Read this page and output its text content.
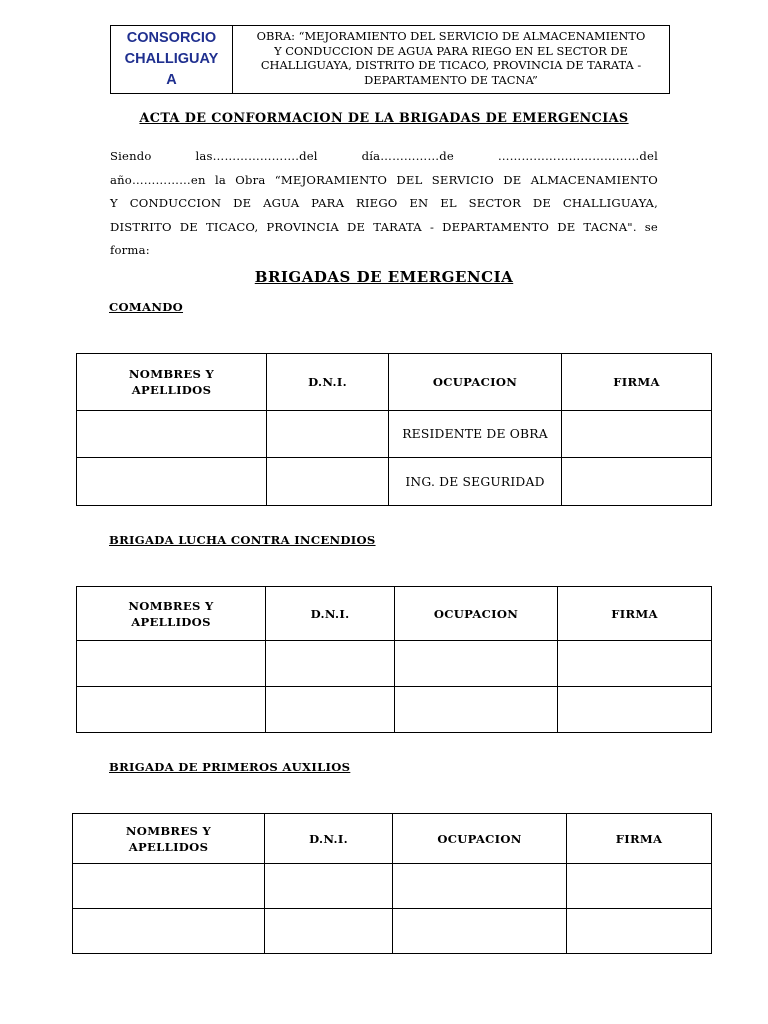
CONSORCIO
CHALLIGUAY
A
OBRA: “MEJORAMIENTO DEL SERVICIO DE ALMACENAMIENTO
Y CONDUCCION DE AGUA PARA RIEGO EN EL SECTOR DE
CHALLIGUAYA, DISTRITO DE TICACO, PROVINCIA DE TARATA -
DEPARTAMENTO DE TACNA”
ACTA DE CONFORMACION DE LA BRIGADAS DE EMERGENCIAS
Siendo	las………………….del	día……………de	………………………………del
año……………en la Obra “MEJORAMIENTO DEL SERVICIO DE ALMACENAMIENTO
Y CONDUCCION DE AGUA PARA RIEGO EN EL SECTOR DE CHALLIGUAYA,
DISTRITO DE TICACO, PROVINCIA DE TARATA - DEPARTAMENTO DE TACNA". se
forma:
BRIGADAS DE EMERGENCIA
COMANDO
NOMBRES Y
APELLIDOS	D.N.I.	OCUPACION	FIRMA
		RESIDENTE DE OBRA	
		ING. DE SEGURIDAD	
BRIGADA LUCHA CONTRA INCENDIOS
NOMBRES Y
APELLIDOS	D.N.I.	OCUPACION	FIRMA

BRIGADA DE PRIMEROS AUXILIOS
NOMBRES Y
APELLIDOS	D.N.I.	OCUPACION	FIRMA
